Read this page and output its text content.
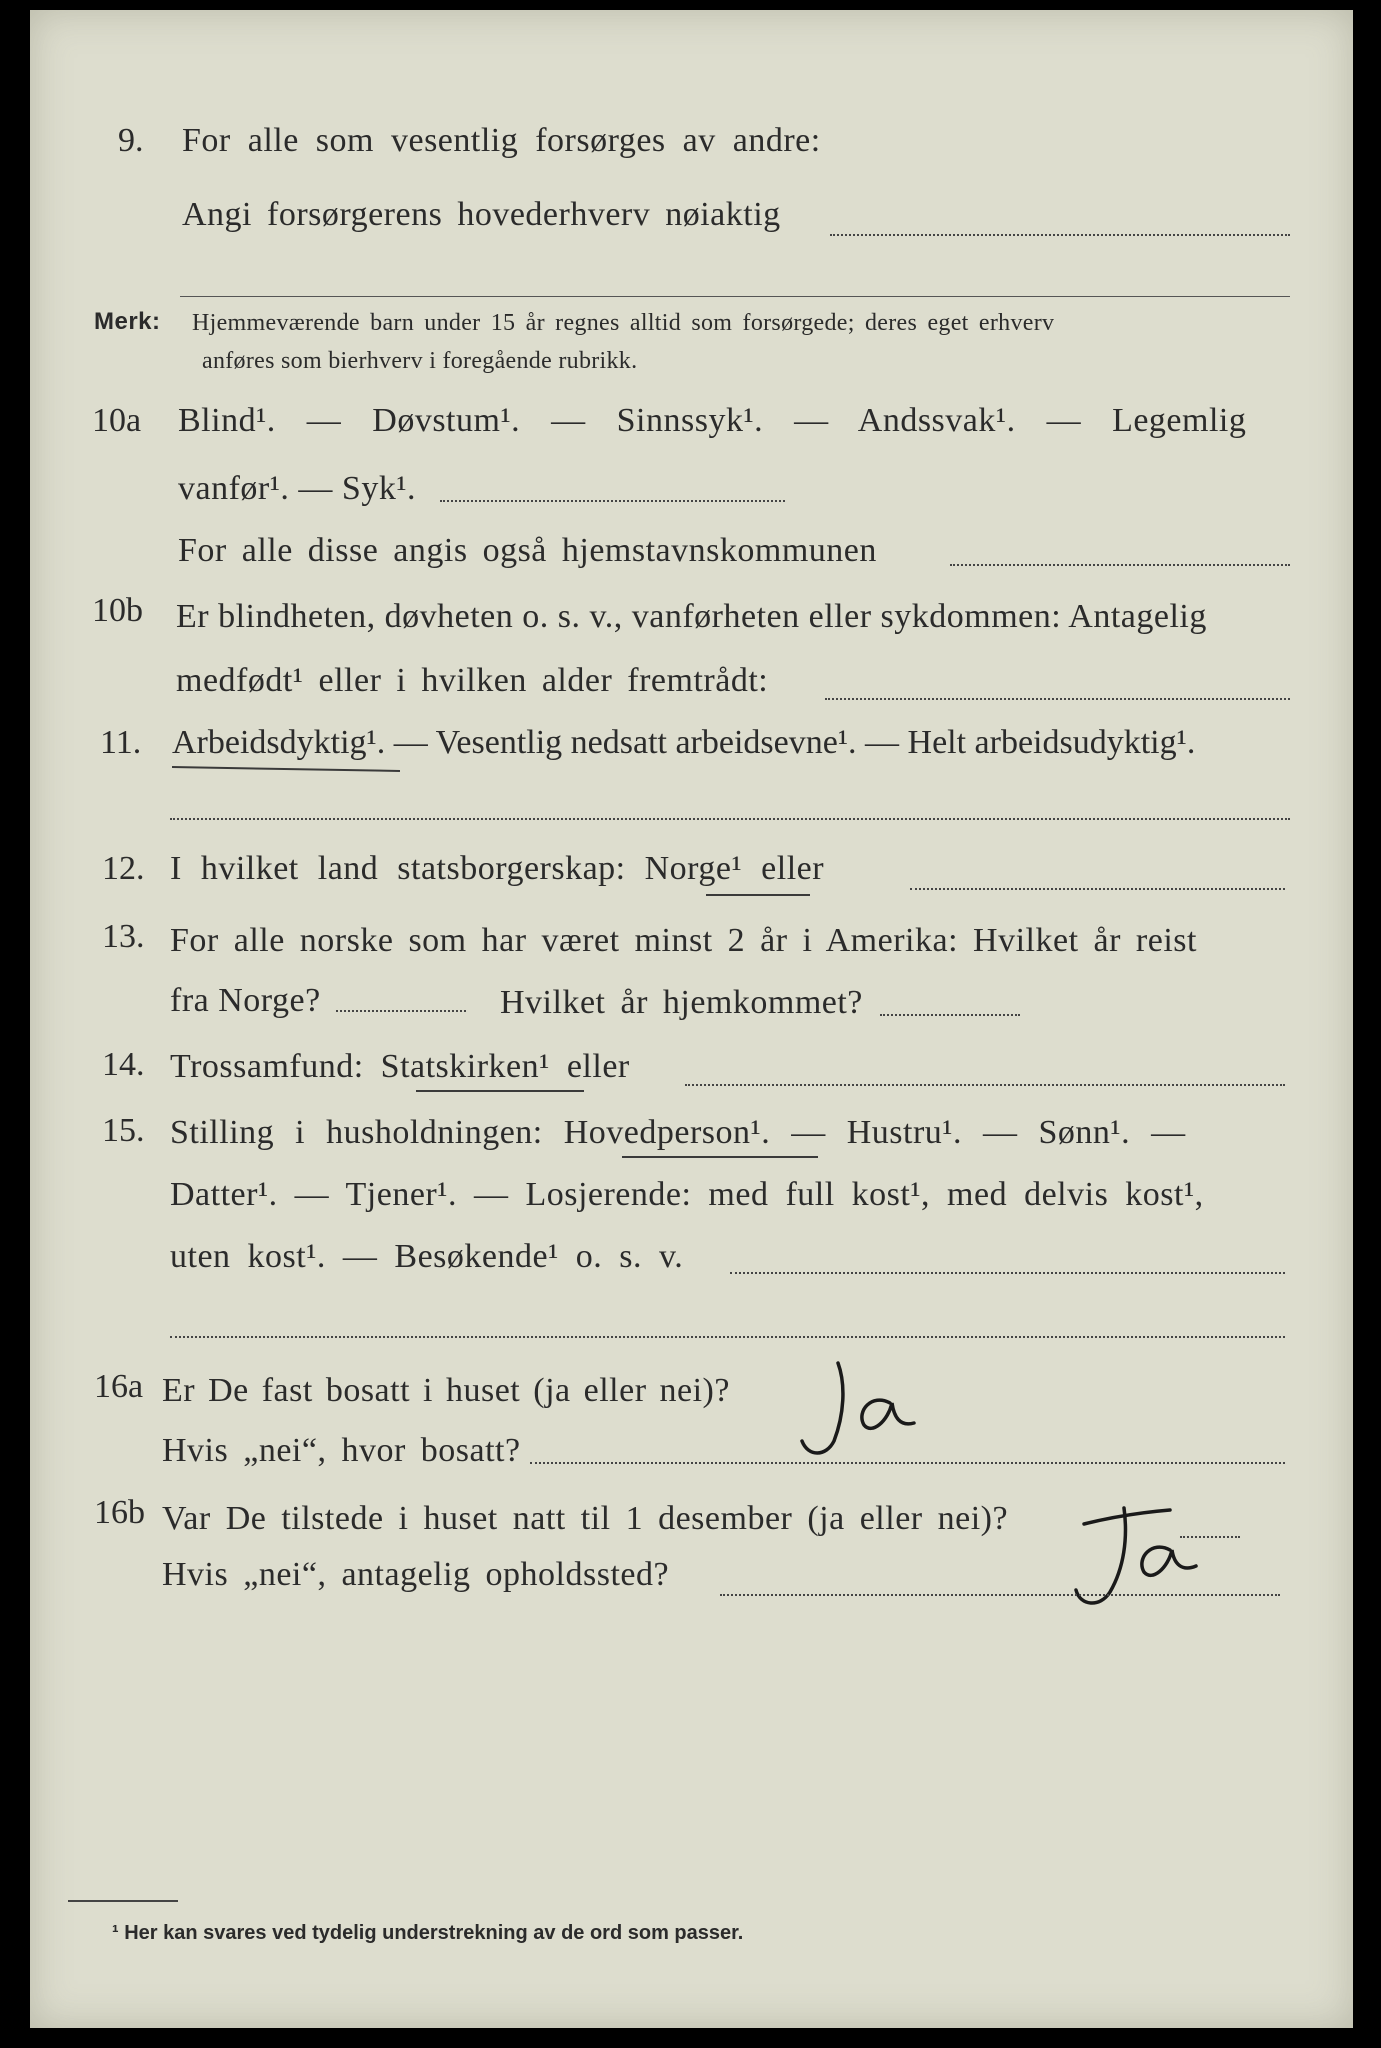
9. For alle som vesentlig forsørges av andre:
Angi forsørgerens hovederhverv nøiaktig
Merk: Hjemmeværende barn under 15 år regnes alltid som forsørgede; deres eget erhverv
anføres som bierhverv i foregående rubrikk.
10a Blind¹. — Døvstum¹. — Sinnssyk¹. — Andssvak¹. — Legemlig
vanfør¹. — Syk¹.
For alle disse angis også hjemstavnskommunen
10b Er blindheten, døvheten o. s. v., vanførheten eller sykdommen: Antagelig
medfødt¹ eller i hvilken alder fremtrådt:
11. Arbeidsdyktig¹. — Vesentlig nedsatt arbeidsevne¹. — Helt arbeidsudyktig¹.
12. I hvilket land statsborgerskap: Norge¹ eller
13. For alle norske som har været minst 2 år i Amerika: Hvilket år reist
fra Norge?	Hvilket år hjemkommet?
14. Trossamfund: Statskirken¹ eller
15. Stilling i husholdningen: Hovedperson¹. — Hustru¹. — Sønn¹. —
Datter¹. — Tjener¹. — Losjerende: med full kost¹, med delvis kost¹,
uten kost¹. — Besøkende¹ o. s. v.
16a Er De fast bosatt i huset (ja eller nei)?
Hvis „nei“, hvor bosatt?
16b Var De tilstede i huset natt til 1 desember (ja eller nei)?
Hvis „nei“, antagelig opholdssted?
¹ Her kan svares ved tydelig understrekning av de ord som passer.
